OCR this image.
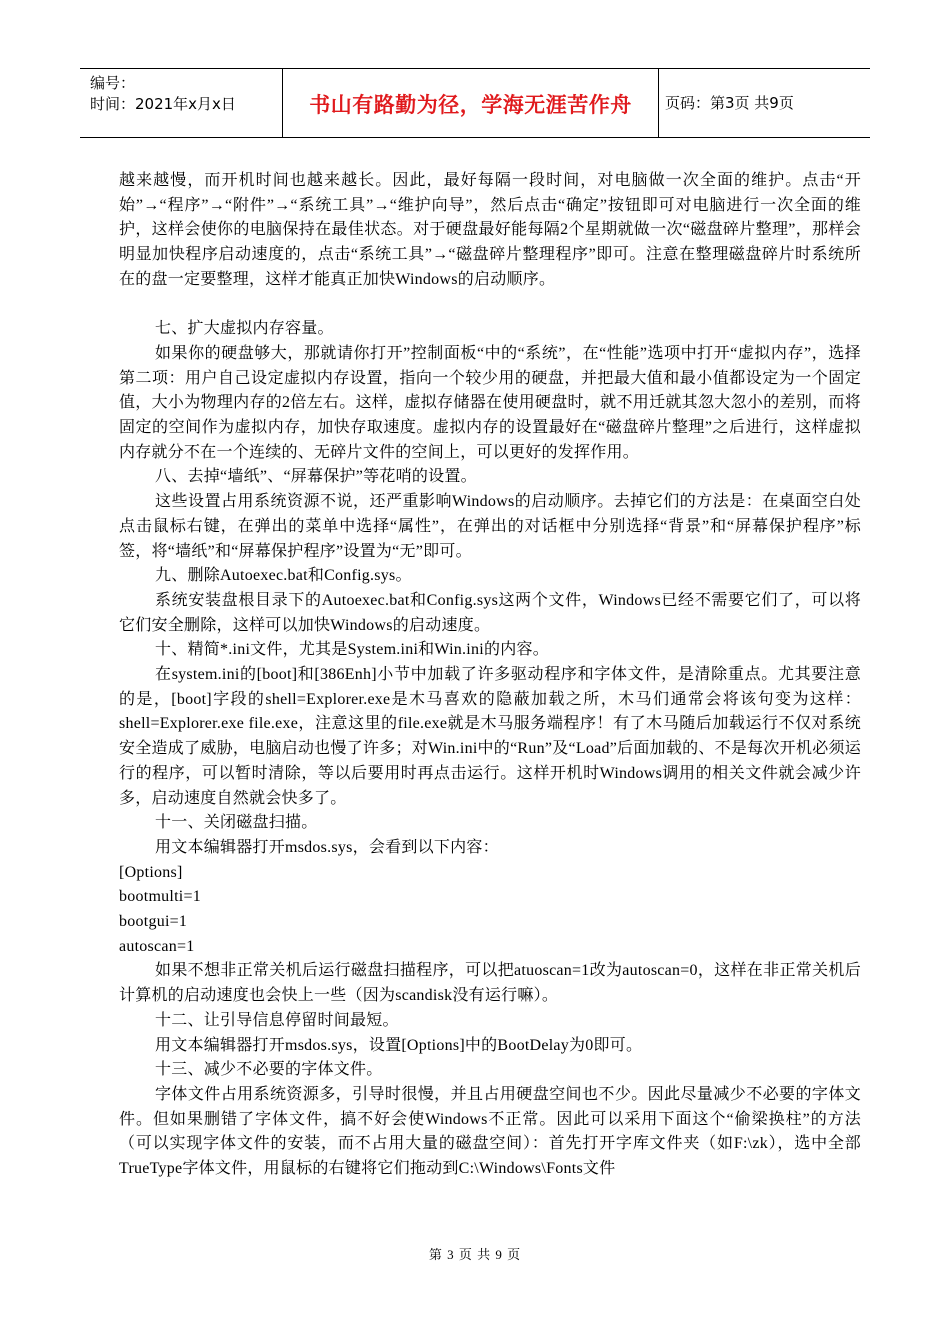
编号：
时间：2021年x月x日	书山有路勤为径，学海无涯苦作舟	页码：第3页 共9页

越来越慢，而开机时间也越来越长。因此，最好每隔一段时间，对电脑做一次全面的维护。点击“开始”→“程序”→“附件”→“系统工具”→“维护向导”，然后点击“确定”按钮即可对电脑进行一次全面的维护，这样会使你的电脑保持在最佳状态。对于硬盘最好能每隔2个星期就做一次“磁盘碎片整理”，那样会明显加快程序启动速度的，点击“系统工具”→“磁盘碎片整理程序”即可。注意在整理磁盘碎片时系统所在的盘一定要整理，这样才能真正加快Windows的启动顺序。

七、扩大虚拟内存容量。

如果你的硬盘够大，那就请你打开”控制面板“中的“系统”，在“性能”选项中打开“虚拟内存”，选择第二项：用户自己设定虚拟内存设置，指向一个较少用的硬盘，并把最大值和最小值都设定为一个固定值，大小为物理内存的2倍左右。这样，虚拟存储器在使用硬盘时，就不用迁就其忽大忽小的差别，而将固定的空间作为虚拟内存，加快存取速度。虚拟内存的设置最好在“磁盘碎片整理”之后进行，这样虚拟内存就分不在一个连续的、无碎片文件的空间上，可以更好的发挥作用。

八、去掉“墙纸”、“屏幕保护”等花哨的设置。

这些设置占用系统资源不说，还严重影响Windows的启动顺序。去掉它们的方法是：在桌面空白处点击鼠标右键，在弹出的菜单中选择“属性”，在弹出的对话框中分别选择“背景”和“屏幕保护程序”标签，将“墙纸”和“屏幕保护程序”设置为“无”即可。

九、删除Autoexec.bat和Config.sys。

系统安装盘根目录下的Autoexec.bat和Config.sys这两个文件，Windows已经不需要它们了，可以将它们安全删除，这样可以加快Windows的启动速度。

十、精简*.ini文件，尤其是System.ini和Win.ini的内容。

在system.ini的[boot]和[386Enh]小节中加载了许多驱动程序和字体文件，是清除重点。尤其要注意的是，[boot]字段的shell=Explorer.exe是木马喜欢的隐蔽加载之所，木马们通常会将该句变为这样：shell=Explorer.exe file.exe，注意这里的file.exe就是木马服务端程序！有了木马随后加载运行不仅对系统安全造成了威胁，电脑启动也慢了许多；对Win.ini中的“Run”及“Load”后面加载的、不是每次开机必须运行的程序，可以暂时清除，等以后要用时再点击运行。这样开机时Windows调用的相关文件就会减少许多，启动速度自然就会快多了。

十一、关闭磁盘扫描。

用文本编辑器打开msdos.sys，会看到以下内容：

[Options]

bootmulti=1

bootgui=1

autoscan=1

如果不想非正常关机后运行磁盘扫描程序，可以把atuoscan=1改为autoscan=0，这样在非正常关机后计算机的启动速度也会快上一些（因为scandisk没有运行嘛）。

十二、让引导信息停留时间最短。

用文本编辑器打开msdos.sys，设置[Options]中的BootDelay为0即可。

十三、减少不必要的字体文件。

字体文件占用系统资源多，引导时很慢，并且占用硬盘空间也不少。因此尽量减少不必要的字体文件。但如果删错了字体文件，搞不好会使Windows不正常。因此可以采用下面这个“偷梁换柱”的方法（可以实现字体文件的安装，而不占用大量的磁盘空间）：首先打开字库文件夹（如F:\zk），选中全部TrueType字体文件，用鼠标的右键将它们拖动到C:\Windows\Fonts文件

第 3 页 共 9 页
